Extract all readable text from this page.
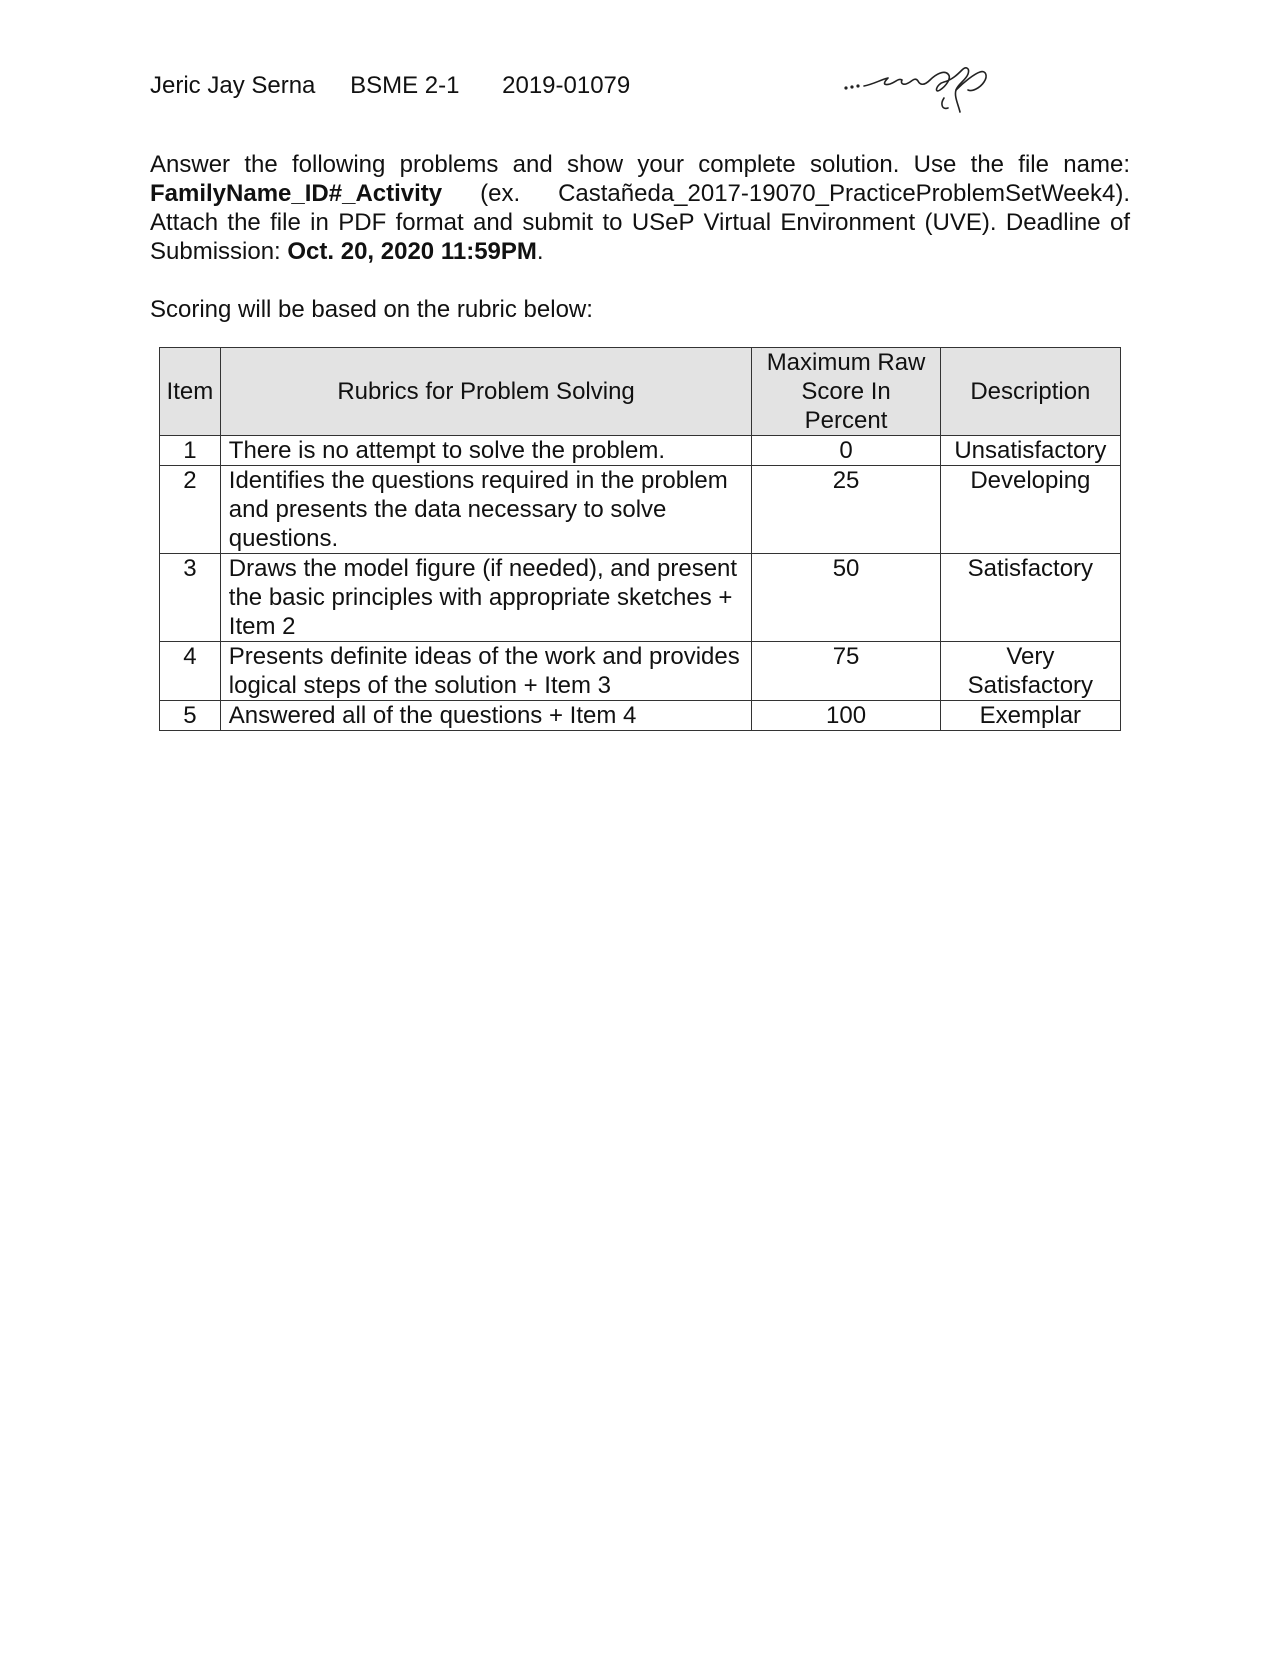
Jeric Jay Serna BSME 2-1 2019-01079
Answer the following problems and show your complete solution. Use the file name: FamilyName_ID#_Activity (ex. Castañeda_2017-19070_PracticeProblemSetWeek4). Attach the file in PDF format and submit to USeP Virtual Environment (UVE). Deadline of Submission: Oct. 20, 2020 11:59PM.
Scoring will be based on the rubric below:
Item	Rubrics for Problem Solving	Maximum Raw Score In Percent	Description
1	There is no attempt to solve the problem.	0	Unsatisfactory
2	Identifies the questions required in the problem and presents the data necessary to solve questions.	25	Developing
3	Draws the model figure (if needed), and present the basic principles with appropriate sketches + Item 2	50	Satisfactory
4	Presents definite ideas of the work and provides logical steps of the solution + Item 3	75	Very Satisfactory
5	Answered all of the questions + Item 4	100	Exemplar
